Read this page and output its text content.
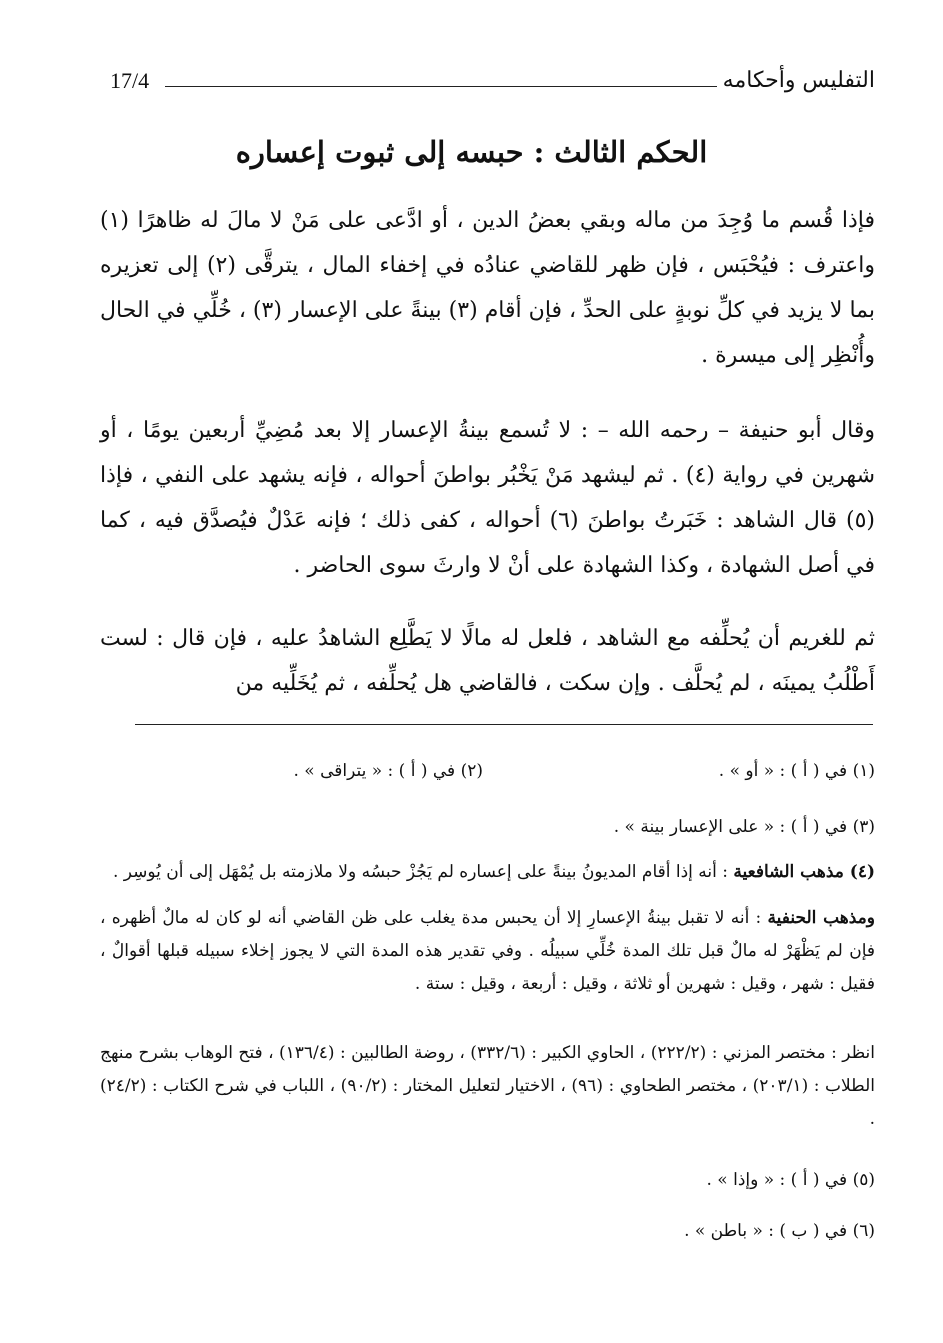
التفليس وأحكامه
17/4
الحكم الثالث : حبسه إلى ثبوت إعساره
فإذا قُسم ما وُجِدَ من ماله وبقي بعضُ الدين ، أو ادَّعى على مَنْ لا مالَ له ظاهرًا (١) واعترف : فيُحْبَس ، فإن ظهر للقاضي عنادُه في إخفاء المال ، يترقَّى (٢) إلى تعزيره بما لا يزيد في كلِّ نوبةٍ على الحدِّ ، فإن أقام (٣) بينةً على الإعسار (٣) ، خُلِّي في الحال وأُنْظِر إلى ميسرة .
وقال أبو حنيفة – رحمه الله – : لا تُسمع بينةُ الإعسار إلا بعد مُضِيِّ أربعين يومًا ، أو شهرين في رواية (٤) . ثم ليشهد مَنْ يَخْبُر بواطنَ أحواله ، فإنه يشهد على النفي ، فإذا (٥) قال الشاهد : خَبَرتُ بواطنَ (٦) أحواله ، كفى ذلك ؛ فإنه عَدْلٌ فيُصدَّق فيه ، كما في أصل الشهادة ، وكذا الشهادة على أنْ لا وارثَ سوى الحاضر .
ثم للغريم أن يُحلِّفه مع الشاهد ، فلعل له مالًا لا يَطَّلِع الشاهدُ عليه ، فإن قال : لست أَطْلُبُ يمينَه ، لم يُحلَّف . وإن سكت ، فالقاضي هل يُحلِّفه ، ثم يُخَلِّيه من
(١) في ( أ ) : « أو » .
(٢) في ( أ ) : « يتراقى » .
(٣) في ( أ ) : « على الإعسار بينة » .
(٤) مذهب الشافعية : أنه إذا أقام المديونُ بينةً على إعساره لم يَجُزْ حبسُه ولا ملازمته بل يُمْهَل إلى أن يُوسِر .
ومذهب الحنفية : أنه لا تقبل بينةُ الإعسارِ إلا أن يحبس مدة يغلب على ظن القاضي أنه لو كان له مالٌ أظهره ، فإن لم يَظْهَرْ له مالٌ قبل تلك المدة خُلِّي سبيلُه . وفي تقدير هذه المدة التي لا يجوز إخلاء سبيله قبلها أقوالٌ ، فقيل : شهر ، وقيل : شهرين أو ثلاثة ، وقيل : أربعة ، وقيل : ستة .
انظر : مختصر المزني : (٢٢٢/٢) ، الحاوي الكبير : (٣٣٢/٦) ، روضة الطالبين : (١٣٦/٤) ، فتح الوهاب بشرح منهج الطلاب : (٢٠٣/١) ، مختصر الطحاوي : (٩٦) ، الاختيار لتعليل المختار : (٩٠/٢) ، اللباب في شرح الكتاب : (٢٤/٢) .
(٥) في ( أ ) : « وإذا » .
(٦) في ( ب ) : « باطن » .
